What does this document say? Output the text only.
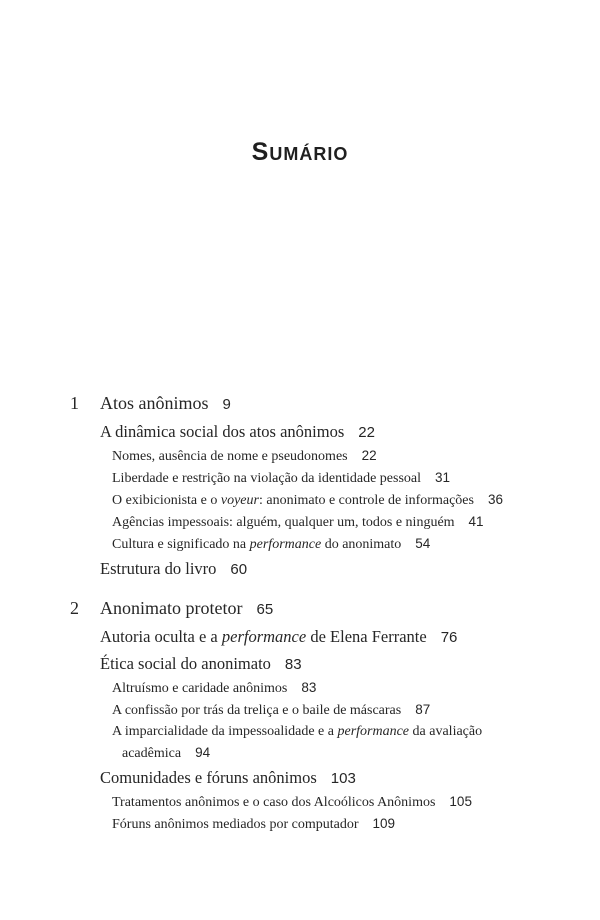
SUMÁRIO
1 Atos anônimos 9
A dinâmica social dos atos anônimos 22
Nomes, ausência de nome e pseudonomes 22
Liberdade e restrição na violação da identidade pessoal 31
O exibicionista e o voyeur: anonimato e controle de informações 36
Agências impessoais: alguém, qualquer um, todos e ninguém 41
Cultura e significado na performance do anonimato 54
Estrutura do livro 60
2 Anonimato protetor 65
Autoria oculta e a performance de Elena Ferrante 76
Ética social do anonimato 83
Altruísmo e caridade anônimos 83
A confissão por trás da treliça e o baile de máscaras 87
A imparcialidade da impessoalidade e a performance da avaliação
acadêmica 94
Comunidades e fóruns anônimos 103
Tratamentos anônimos e o caso dos Alcoólicos Anônimos 105
Fóruns anônimos mediados por computador 109
